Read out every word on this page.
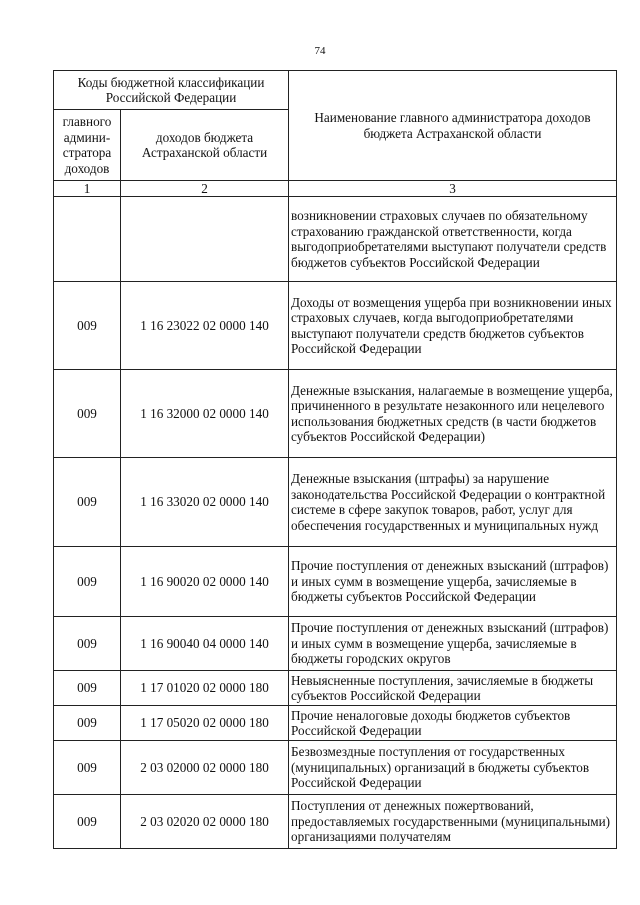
74
Коды бюджетной классификации Российской Федерации		Наименование главного администратора доходов бюджета Астраханской области
главного админи-стратора доходов	доходов бюджета Астраханской области	
1	2	3
		возникновении страховых случаев по обязательному страхованию гражданской ответственности, когда выгодоприобретателями выступают получатели средств бюджетов субъектов Российской Федерации
009	1 16 23022 02 0000 140	Доходы от возмещения ущерба при возникновении иных страховых случаев, когда выгодоприобретателями выступают получатели средств бюджетов субъектов Российской Федерации
009	1 16 32000 02 0000 140	Денежные взыскания, налагаемые в возмещение ущерба, причиненного в результате незаконного или нецелевого использования бюджетных средств (в части бюджетов субъектов Российской Федерации)
009	1 16 33020 02 0000 140	Денежные взыскания (штрафы) за нарушение законодательства Российской Федерации о контрактной системе в сфере закупок товаров, работ, услуг для обеспечения государственных и муниципальных нужд
009	1 16 90020 02 0000 140	Прочие поступления от денежных взысканий (штрафов) и иных сумм в возмещение ущерба, зачисляемые в бюджеты субъектов Российской Федерации
009	1 16 90040 04 0000 140	Прочие поступления от денежных взысканий (штрафов) и иных сумм в возмещение ущерба, зачисляемые в бюджеты городских округов
009	1 17 01020 02 0000 180	Невыясненные поступления, зачисляемые в бюджеты субъектов Российской Федерации
009	1 17 05020 02 0000 180	Прочие неналоговые доходы бюджетов субъектов Российской Федерации
009	2 03 02000 02 0000 180	Безвозмездные поступления от государственных (муниципальных) организаций в бюджеты субъектов Российской Федерации
009	2 03 02020 02 0000 180	Поступления от денежных пожертвований, предоставляемых государственными (муниципальными) организациями получателям
